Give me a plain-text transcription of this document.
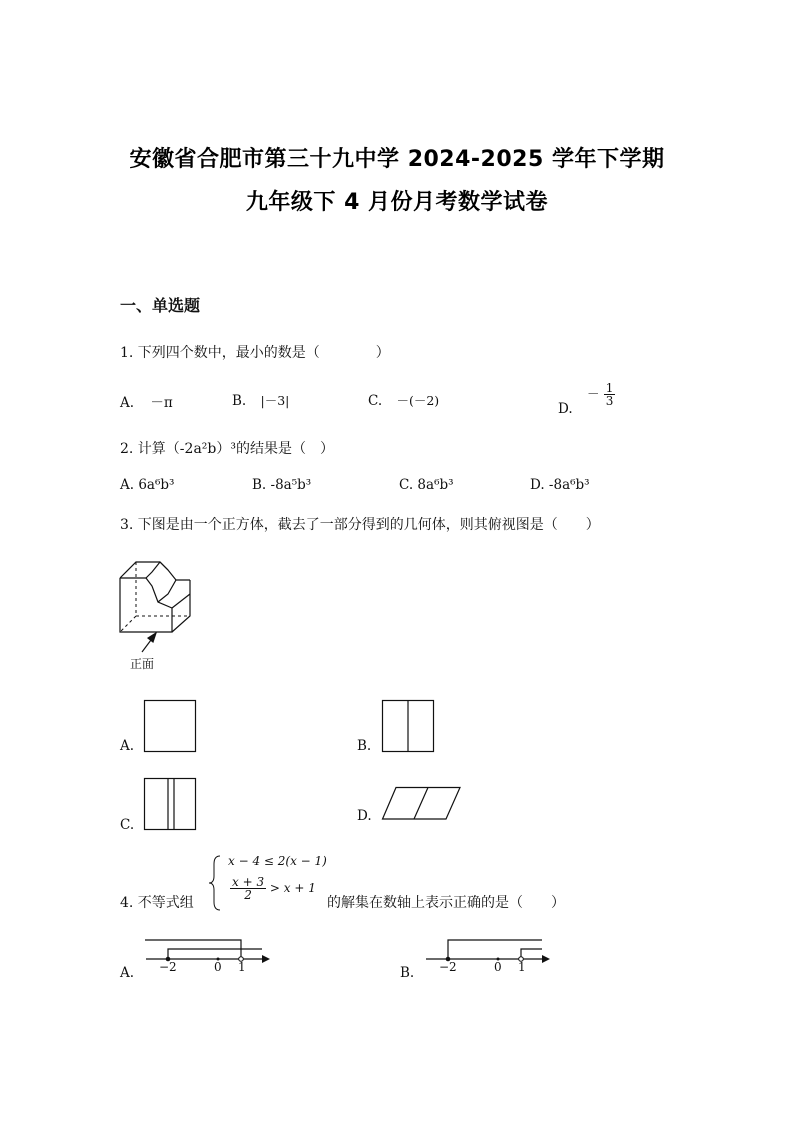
安徽省合肥市第三十九中学 2024-2025 学年下学期
九年级下 4 月份月考数学试卷
一、单选题
1. 下列四个数中，最小的数是（　　　　）
A. －π	B. |－3|	C. －(－2)
D. － $\frac{1}{3}$
2. 计算（-2a²b）³的结果是（　）
A. 6a⁶b³	B. -8a⁵b³	C. 8a⁶b³	D. -8a⁶b³
3. 下图是由一个正方体，截去了一部分得到的几何体，则其俯视图是（　　）
正面
A.	B.
C.
D.
4. 不等式组
x − 4 ≤ 2(x − 1)
$\frac{x + 3}{2} > x + 1$
的解集在数轴上表示正确的是（　　）
A. −2	0 1	B. −2	0 1
